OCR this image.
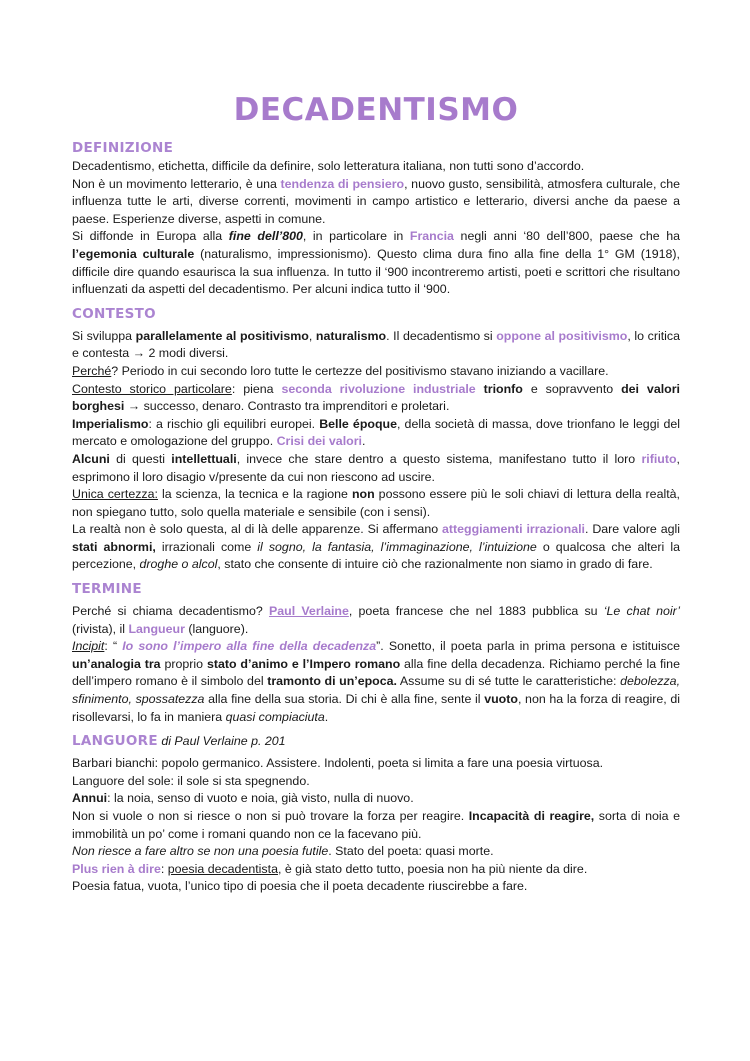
DECADENTISMO
DEFINIZIONE

Decadentismo, etichetta, difficile da definire, solo letteratura italiana, non tutti sono d’accordo.

Non è un movimento letterario, è una tendenza di pensiero, nuovo gusto, sensibilità, atmosfera culturale, che influenza tutte le arti, diverse correnti, movimenti in campo artistico e letterario, diversi anche da paese a paese. Esperienze diverse, aspetti in comune.

Si diffonde in Europa alla fine dell’800, in particolare in Francia negli anni ‘80 dell’800, paese che ha l’egemonia culturale (naturalismo, impressionismo). Questo clima dura fino alla fine della 1° GM (1918), difficile dire quando esaurisca la sua influenza. In tutto il ‘900 incontreremo artisti, poeti e scrittori che risultano influenzati da aspetti del decadentismo. Per alcuni indica tutto il ‘900.

CONTESTO

Si sviluppa parallelamente al positivismo, naturalismo. Il decadentismo si oppone al positivismo, lo critica e contesta → 2 modi diversi.

Perché? Periodo in cui secondo loro tutte le certezze del positivismo stavano iniziando a vacillare.

Contesto storico particolare: piena seconda rivoluzione industriale trionfo e sopravvento dei valori borghesi → successo, denaro. Contrasto tra imprenditori e proletari.

Imperialismo: a rischio gli equilibri europei. Belle époque, della società di massa, dove trionfano le leggi del mercato e omologazione del gruppo. Crisi dei valori.

Alcuni di questi intellettuali, invece che stare dentro a questo sistema, manifestano tutto il loro rifiuto, esprimono il loro disagio v/presente da cui non riescono ad uscire.

Unica certezza: la scienza, la tecnica e la ragione non possono essere più le soli chiavi di lettura della realtà, non spiegano tutto, solo quella materiale e sensibile (con i sensi).

La realtà non è solo questa, al di là delle apparenze. Si affermano atteggiamenti irrazionali. Dare valore agli stati abnormi, irrazionali come il sogno, la fantasia, l’immaginazione, l’intuizione o qualcosa che alteri la percezione, droghe o alcol, stato che consente di intuire ciò che razionalmente non siamo in grado di fare.

TERMINE

Perché si chiama decadentismo? Paul Verlaine, poeta francese che nel 1883 pubblica su ‘Le chat noir’ (rivista), il Langueur (languore).

Incipit: “ Io sono l’impero alla fine della decadenza”. Sonetto, il poeta parla in prima persona e istituisce un’analogia tra proprio stato d’animo e l’Impero romano alla fine della decadenza. Richiamo perché la fine dell’impero romano è il simbolo del tramonto di un’epoca. Assume su di sé tutte le caratteristiche: debolezza, sfinimento, spossatezza alla fine della sua storia. Di chi è alla fine, sente il vuoto, non ha la forza di reagire, di risollevarsi, lo fa in maniera quasi compiaciuta.

LANGUORE di Paul Verlaine p. 201

Barbari bianchi: popolo germanico. Assistere. Indolenti, poeta si limita a fare una poesia virtuosa.

Languore del sole: il sole si sta spegnendo.

Annui: la noia, senso di vuoto e noia, già visto, nulla di nuovo.

Non si vuole o non si riesce o non si può trovare la forza per reagire. Incapacità di reagire, sorta di noia e immobilità un po’ come i romani quando non ce la facevano più.

Non riesce a fare altro se non una poesia futile. Stato del poeta: quasi morte.

Plus rien à dire: poesia decadentista, è già stato detto tutto, poesia non ha più niente da dire.

Poesia fatua, vuota, l’unico tipo di poesia che il poeta decadente riuscirebbe a fare.
